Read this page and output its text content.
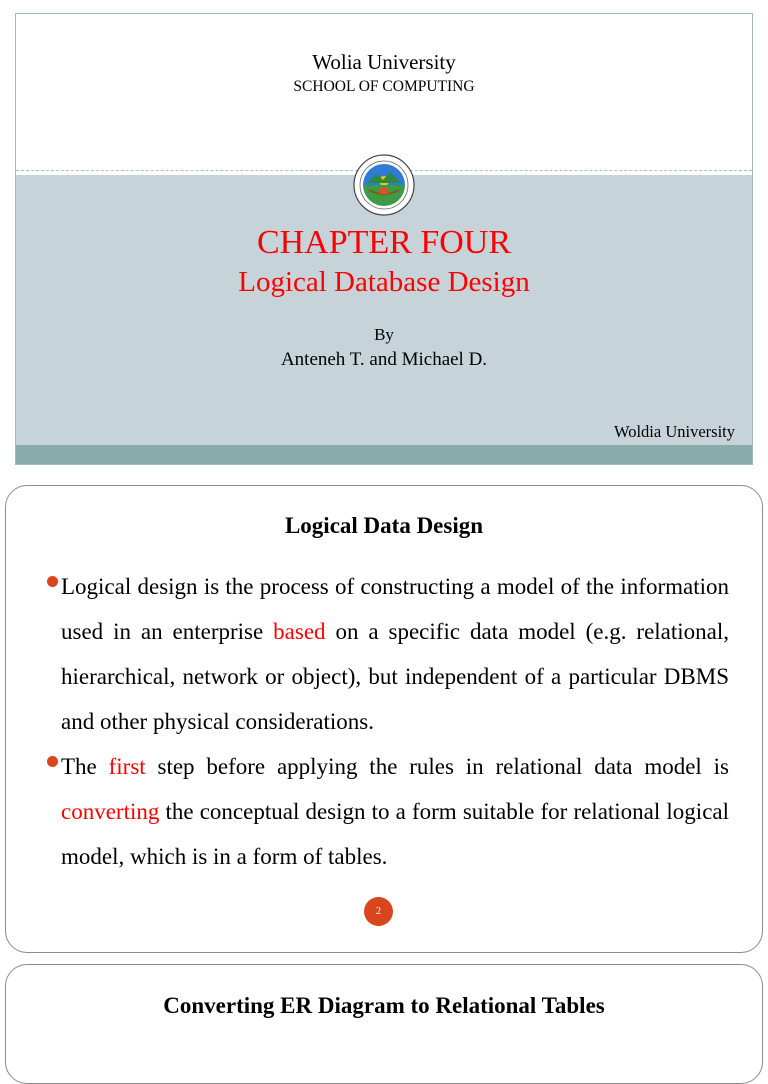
Wolia University
SCHOOL OF COMPUTING
CHAPTER FOUR
Logical Database Design
By
Anteneh T. and Michael D.
Woldia University
Logical Data Design

Logical design is the process of constructing a model of the information used in an enterprise based on a specific data model (e.g. relational, hierarchical, network or object), but independent of a particular DBMS and other physical considerations.

The first step before applying the rules in relational data model is converting the conceptual design to a form suitable for relational logical model, which is in a form of tables.

2
Converting ER Diagram to Relational Tables
